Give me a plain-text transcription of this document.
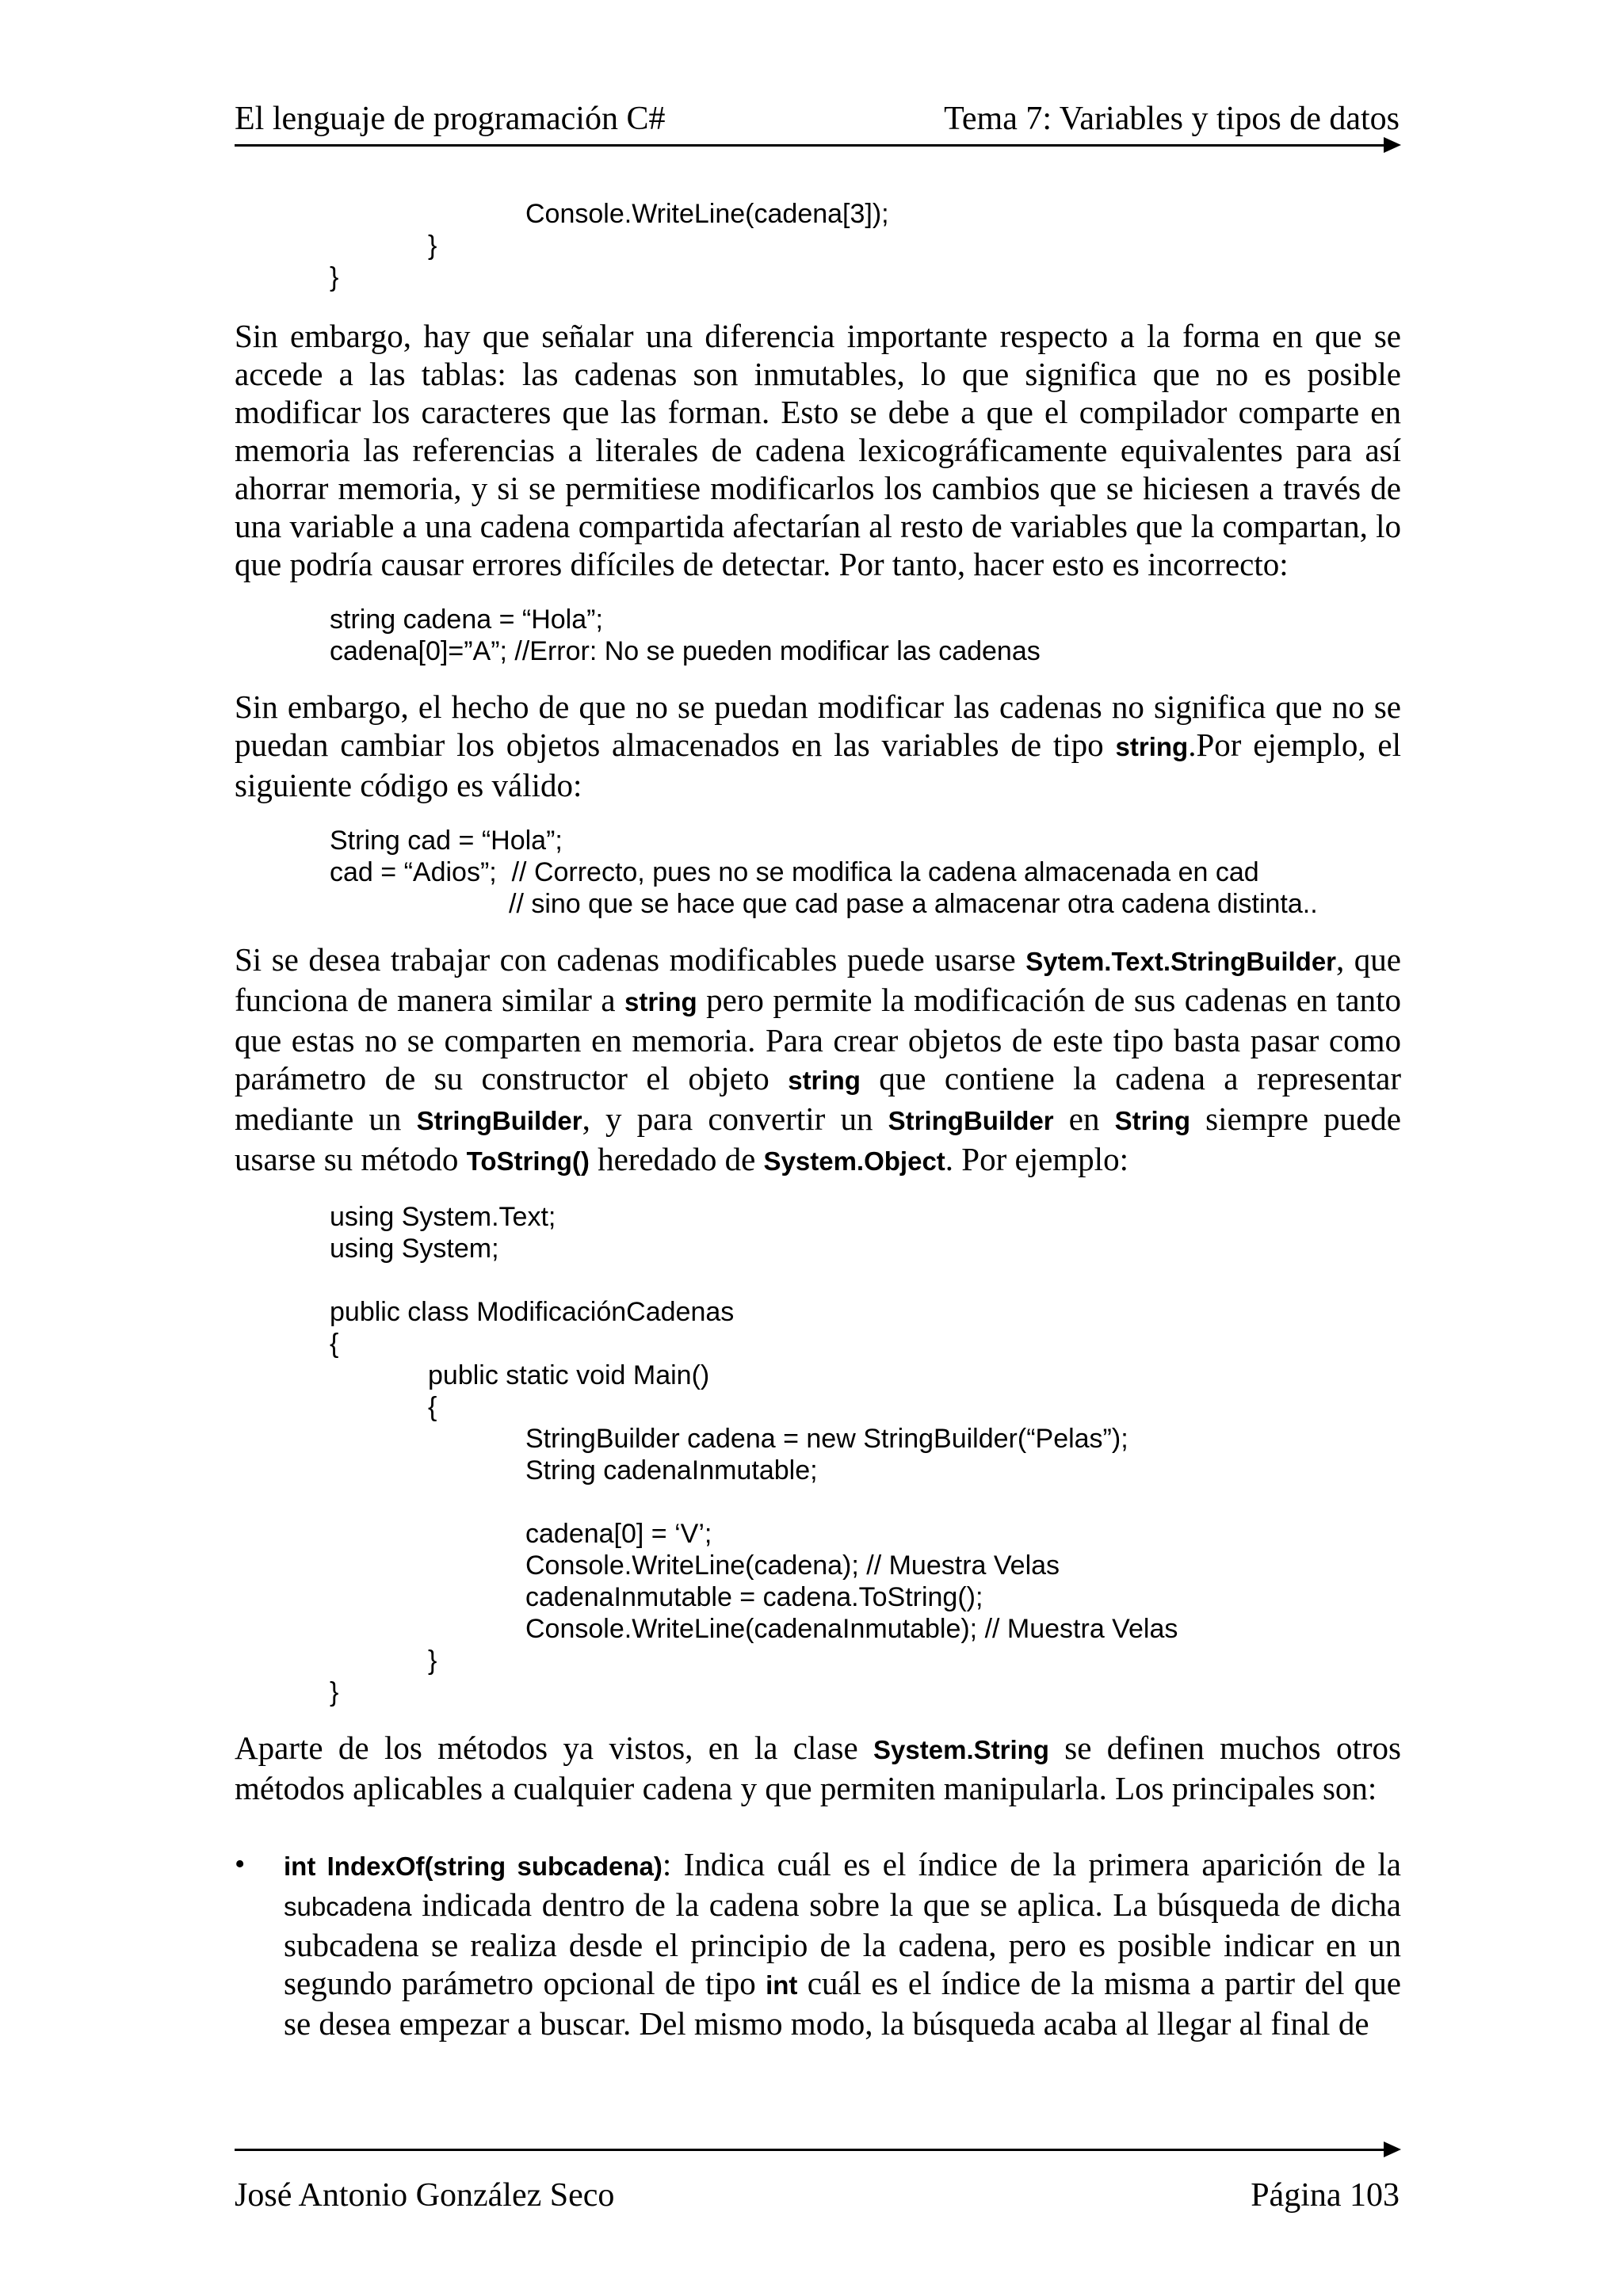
El lenguaje de programación C#	Tema 7: Variables y tipos de datos
Console.WriteLine(cadena[3]);
}
}

Sin embargo, hay que señalar una diferencia importante respecto a la forma en que se accede a las tablas: las cadenas son inmutables, lo que significa que no es posible modificar los caracteres que las forman. Esto se debe a que el compilador comparte en memoria las referencias a literales de cadena lexicográficamente equivalentes para así ahorrar memoria, y si se permitiese modificarlos los cambios que se hiciesen a través de una variable a una cadena compartida afectarían al resto de variables que la compartan, lo que podría causar errores difíciles de detectar. Por tanto, hacer esto es incorrecto:

string cadena = “Hola”;
cadena[0]=”A”; //Error: No se pueden modificar las cadenas

Sin embargo, el hecho de que no se puedan modificar las cadenas no significa que no se puedan cambiar los objetos almacenados en las variables de tipo string.Por ejemplo, el siguiente código es válido:

String cad = “Hola”;
cad = “Adios”;  // Correcto, pues no se modifica la cadena almacenada en cad
// sino que se hace que cad pase a almacenar otra cadena distinta..

Si se desea trabajar con cadenas modificables puede usarse Sytem.Text.StringBuilder, que funciona de manera similar a string pero permite la modificación de sus cadenas en tanto que estas no se comparten en memoria. Para crear objetos de este tipo basta pasar como parámetro de su constructor el objeto string que contiene la cadena a representar mediante un StringBuilder, y para convertir un StringBuilder en String siempre puede usarse su método ToString() heredado de System.Object. Por ejemplo:

using System.Text;
using System;
public class ModificaciónCadenas
{
public static void Main()
{
StringBuilder cadena = new StringBuilder(“Pelas”);
String cadenaInmutable;
cadena[0] = ‘V’;
Console.WriteLine(cadena); // Muestra Velas
cadenaInmutable = cadena.ToString();
Console.WriteLine(cadenaInmutable); // Muestra Velas
}
}

Aparte de los métodos ya vistos, en la clase System.String se definen muchos otros métodos aplicables a cualquier cadena y que permiten manipularla. Los principales son:

• int IndexOf(string subcadena): Indica cuál es el índice de la primera aparición de la subcadena indicada dentro de la cadena sobre la que se aplica. La búsqueda de dicha subcadena se realiza desde el principio de la cadena, pero es posible indicar en un segundo parámetro opcional de tipo int cuál es el índice de la misma a partir del que se desea empezar a buscar. Del mismo modo, la búsqueda acaba al llegar al final de

José Antonio González Seco	Página 103
